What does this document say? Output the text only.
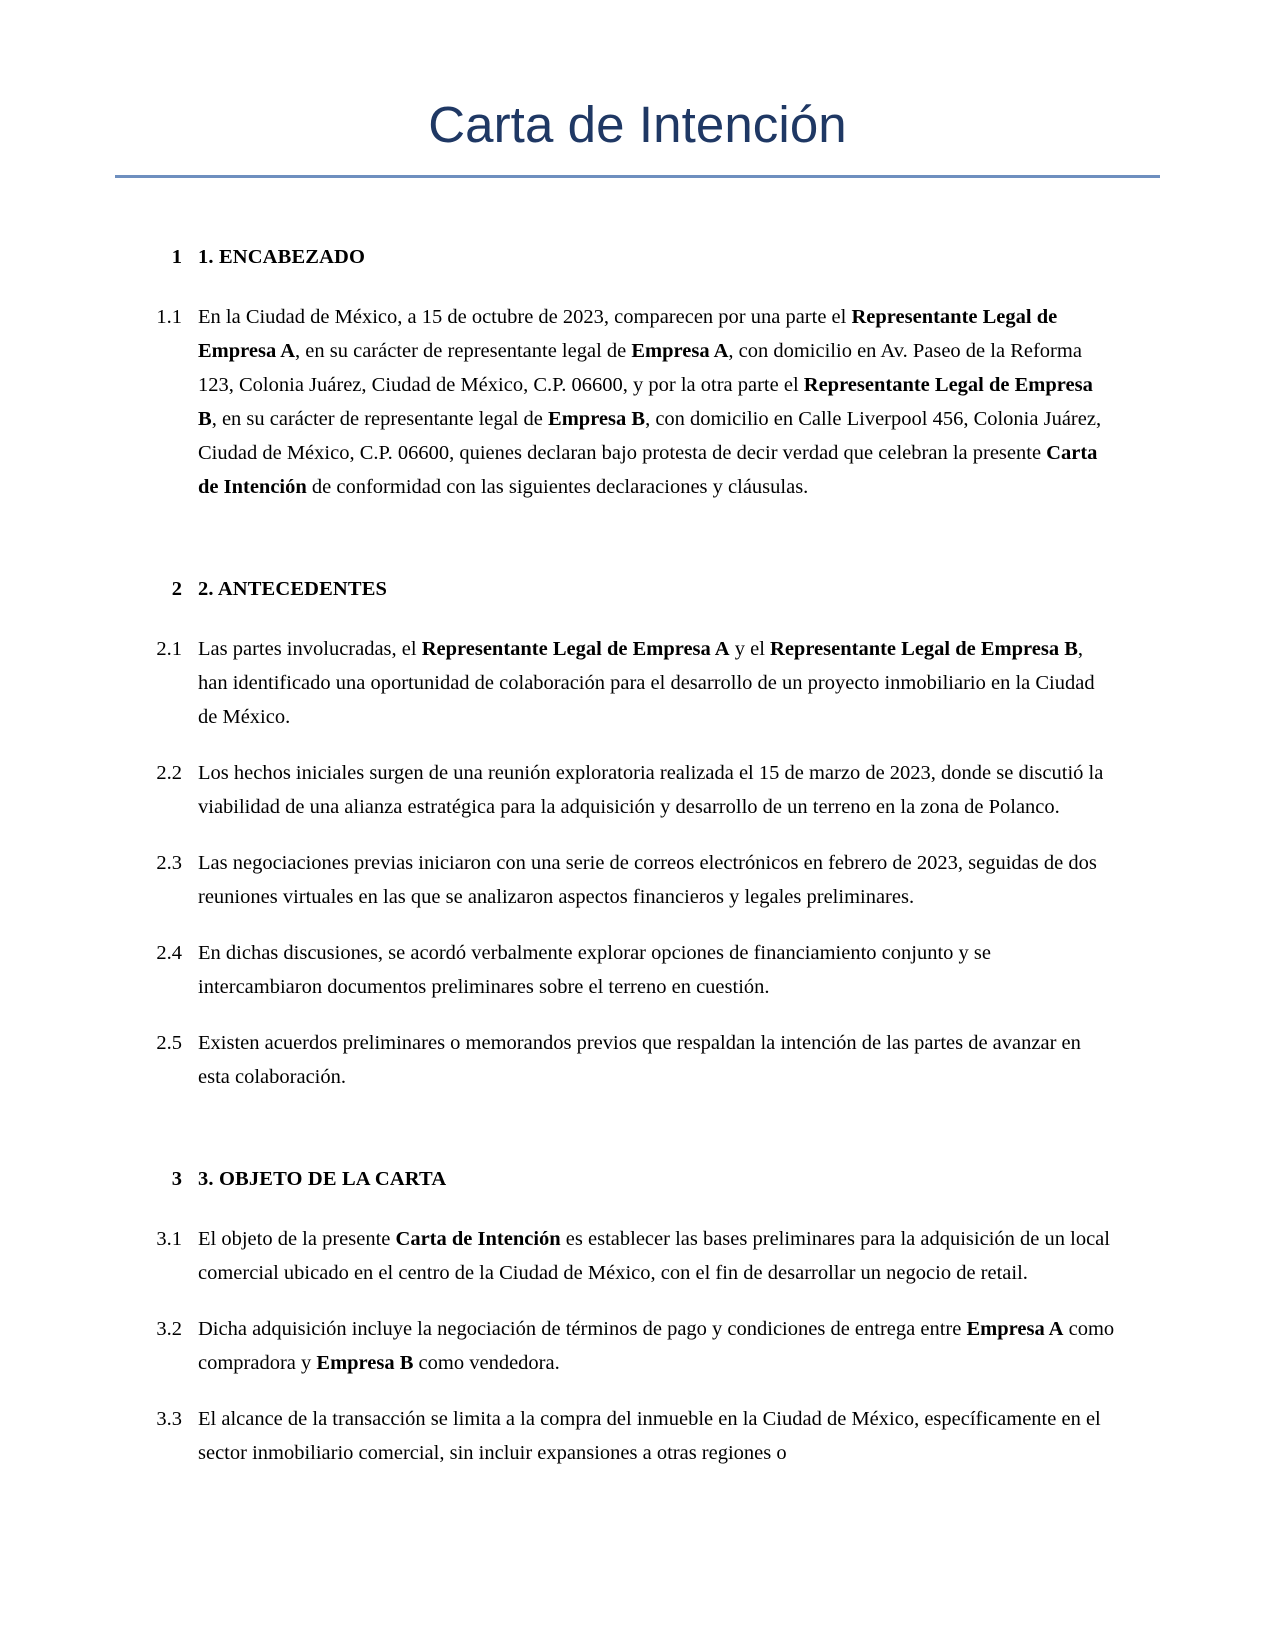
Carta de Intención
1 1. ENCABEZADO
1.1 En la Ciudad de México, a 15 de octubre de 2023, comparecen por una parte el Representante Legal de Empresa A, en su carácter de representante legal de Empresa A, con domicilio en Av. Paseo de la Reforma 123, Colonia Juárez, Ciudad de México, C.P. 06600, y por la otra parte el Representante Legal de Empresa B, en su carácter de representante legal de Empresa B, con domicilio en Calle Liverpool 456, Colonia Juárez, Ciudad de México, C.P. 06600, quienes declaran bajo protesta de decir verdad que celebran la presente Carta de Intención de conformidad con las siguientes declaraciones y cláusulas.
2 2. ANTECEDENTES
2.1 Las partes involucradas, el Representante Legal de Empresa A y el Representante Legal de Empresa B, han identificado una oportunidad de colaboración para el desarrollo de un proyecto inmobiliario en la Ciudad de México.
2.2 Los hechos iniciales surgen de una reunión exploratoria realizada el 15 de marzo de 2023, donde se discutió la viabilidad de una alianza estratégica para la adquisición y desarrollo de un terreno en la zona de Polanco.
2.3 Las negociaciones previas iniciaron con una serie de correos electrónicos en febrero de 2023, seguidas de dos reuniones virtuales en las que se analizaron aspectos financieros y legales preliminares.
2.4 En dichas discusiones, se acordó verbalmente explorar opciones de financiamiento conjunto y se intercambiaron documentos preliminares sobre el terreno en cuestión.
2.5 Existen acuerdos preliminares o memorandos previos que respaldan la intención de las partes de avanzar en esta colaboración.
3 3. OBJETO DE LA CARTA
3.1 El objeto de la presente Carta de Intención es establecer las bases preliminares para la adquisición de un local comercial ubicado en el centro de la Ciudad de México, con el fin de desarrollar un negocio de retail.
3.2 Dicha adquisición incluye la negociación de términos de pago y condiciones de entrega entre Empresa A como compradora y Empresa B como vendedora.
3.3 El alcance de la transacción se limita a la compra del inmueble en la Ciudad de México, específicamente en el sector inmobiliario comercial, sin incluir expansiones a otras regiones o
